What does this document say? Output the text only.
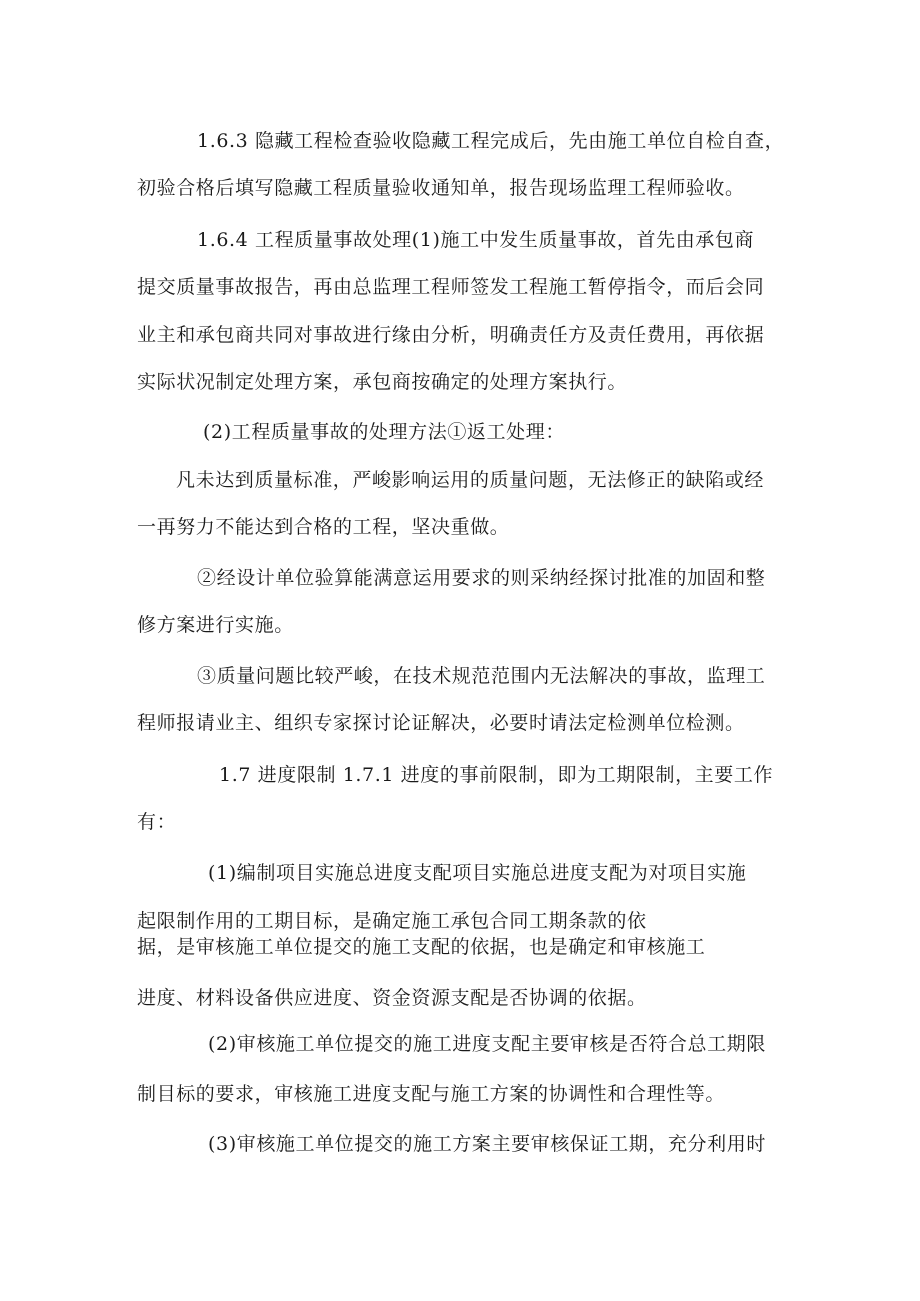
1.6.3 隐藏工程检查验收隐藏工程完成后，先由施工单位自检自查，
初验合格后填写隐藏工程质量验收通知单，报告现场监理工程师验收。
1.6.4 工程质量事故处理(1)施工中发生质量事故，首先由承包商
提交质量事故报告，再由总监理工程师签发工程施工暂停指令，而后会同
业主和承包商共同对事故进行缘由分析，明确责任方及责任费用，再依据
实际状况制定处理方案，承包商按确定的处理方案执行。
(2)工程质量事故的处理方法①返工处理：
凡未达到质量标准，严峻影响运用的质量问题，无法修正的缺陷或经
一再努力不能达到合格的工程，坚决重做。
②经设计单位验算能满意运用要求的则采纳经探讨批准的加固和整
修方案进行实施。
③质量问题比较严峻，在技术规范范围内无法解决的事故，监理工
程师报请业主、组织专家探讨论证解决，必要时请法定检测单位检测。
1.7 进度限制 1.7.1 进度的事前限制，即为工期限制，主要工作
有：
(1)编制项目实施总进度支配项目实施总进度支配为对项目实施
起限制作用的工期目标，是确定施工承包合同工期条款的依
据，是审核施工单位提交的施工支配的依据，也是确定和审核施工
进度、材料设备供应进度、资金资源支配是否协调的依据。
(2)审核施工单位提交的施工进度支配主要审核是否符合总工期限
制目标的要求，审核施工进度支配与施工方案的协调性和合理性等。
(3)审核施工单位提交的施工方案主要审核保证工期，充分利用时
